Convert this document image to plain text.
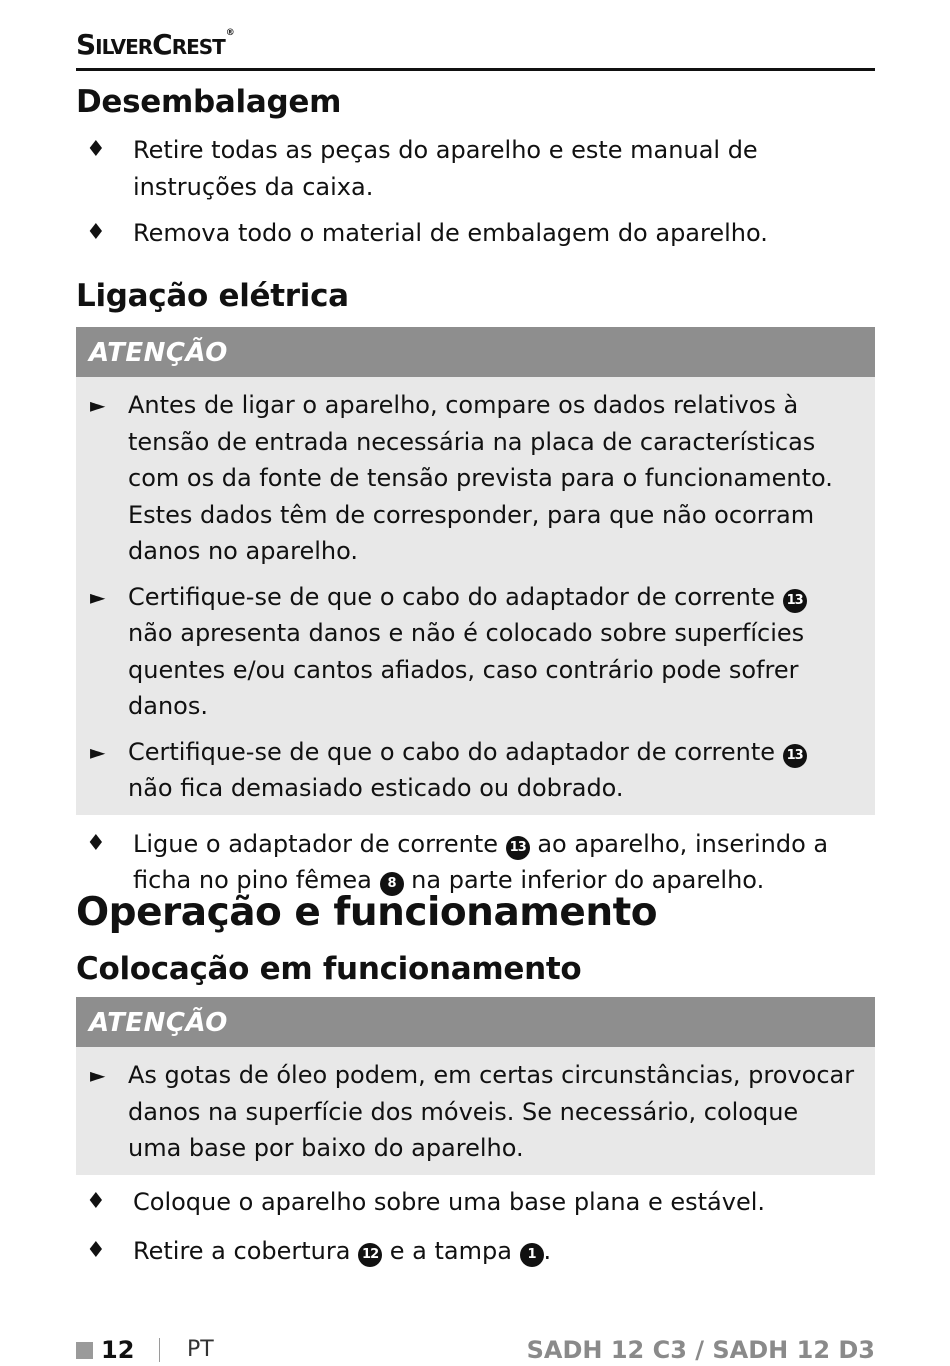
SilverCrest®
Desembalagem
♦ Retire todas as peças do aparelho e este manual de instruções da caixa.
♦ Remova todo o material de embalagem do aparelho.
Ligação elétrica
ATENÇÃO
► Antes de ligar o aparelho, compare os dados relativos à tensão de entrada necessária na placa de características com os da fonte de tensão prevista para o funcionamento. Estes dados têm de corresponder, para que não ocorram danos no aparelho.
► Certifique-se de que o cabo do adaptador de corrente 13 não apresenta danos e não é colocado sobre superfícies quentes e/ou cantos afiados, caso contrário pode sofrer danos.
► Certifique-se de que o cabo do adaptador de corrente 13 não fica demasiado esticado ou dobrado.
♦ Ligue o adaptador de corrente 13 ao aparelho, inserindo a ficha no pino fêmea 8 na parte inferior do aparelho.
Operação e funcionamento
Colocação em funcionamento
ATENÇÃO
► As gotas de óleo podem, em certas circunstâncias, provocar danos na superfície dos móveis. Se necessário, coloque uma base por baixo do aparelho.
♦ Coloque o aparelho sobre uma base plana e estável.
♦ Retire a cobertura 12 e a tampa 1 .
12 PT	SADH 12 C3 / SADH 12 D3
